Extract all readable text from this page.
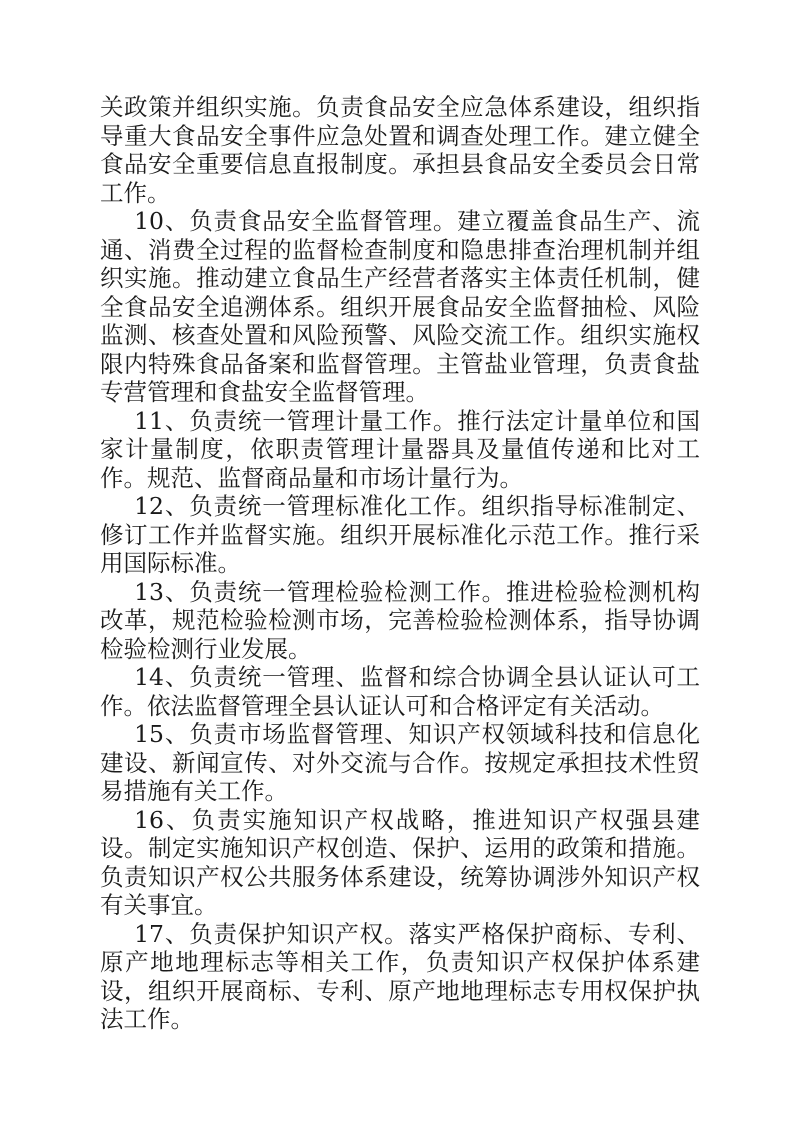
关政策并组织实施。负责食品安全应急体系建设，组织指导重大食品安全事件应急处置和调查处理工作。建立健全食品安全重要信息直报制度。承担县食品安全委员会日常工作。

10、负责食品安全监督管理。建立覆盖食品生产、流通、消费全过程的监督检查制度和隐患排查治理机制并组织实施。推动建立食品生产经营者落实主体责任机制，健全食品安全追溯体系。组织开展食品安全监督抽检、风险监测、核查处置和风险预警、风险交流工作。组织实施权限内特殊食品备案和监督管理。主管盐业管理，负责食盐专营管理和食盐安全监督管理。

11、负责统一管理计量工作。推行法定计量单位和国家计量制度，依职责管理计量器具及量值传递和比对工作。规范、监督商品量和市场计量行为。

12、负责统一管理标准化工作。组织指导标准制定、修订工作并监督实施。组织开展标准化示范工作。推行采用国际标准。

13、负责统一管理检验检测工作。推进检验检测机构改革，规范检验检测市场，完善检验检测体系，指导协调检验检测行业发展。

14、负责统一管理、监督和综合协调全县认证认可工作。依法监督管理全县认证认可和合格评定有关活动。

15、负责市场监督管理、知识产权领域科技和信息化建设、新闻宣传、对外交流与合作。按规定承担技术性贸易措施有关工作。

16、负责实施知识产权战略，推进知识产权强县建设。制定实施知识产权创造、保护、运用的政策和措施。负责知识产权公共服务体系建设，统筹协调涉外知识产权有关事宜。

17、负责保护知识产权。落实严格保护商标、专利、原产地地理标志等相关工作，负责知识产权保护体系建设，组织开展商标、专利、原产地地理标志专用权保护执法工作。
